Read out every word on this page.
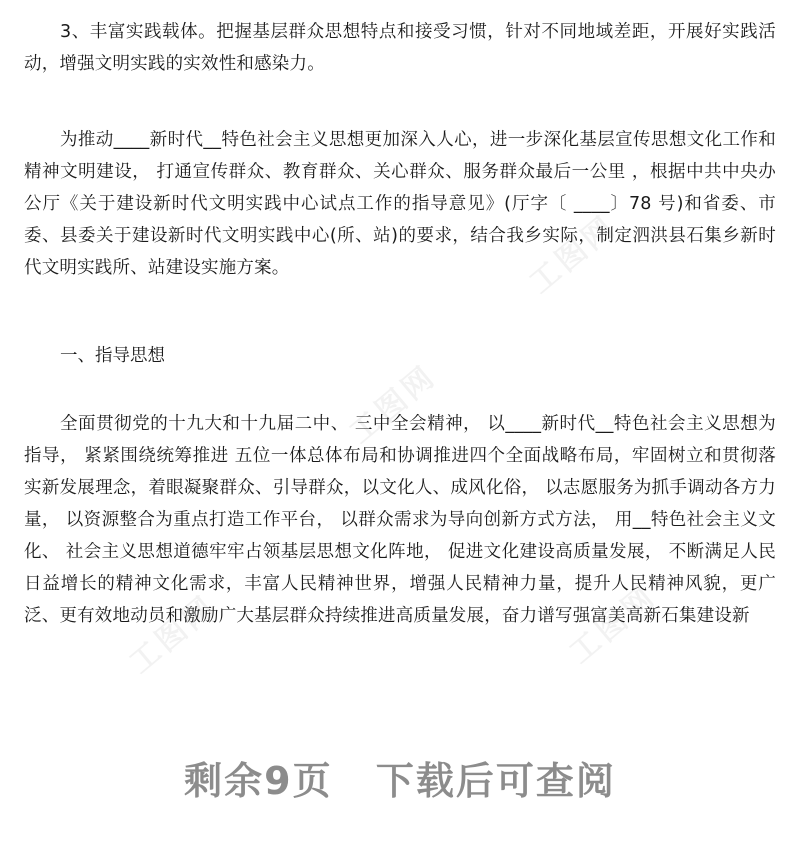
工图网
工图网
工图网	工图网

3、丰富实践载体。把握基层群众思想特点和接受习惯，针对不同地域差距，开展好实践活动，增强文明实践的实效性和感染力。

为推动____新时代__特色社会主义思想更加深入人心，进一步深化基层宣传思想文化工作和精神文明建设， 打通宣传群众、教育群众、关心群众、服务群众最后一公里 ，根据中共中央办公厅《关于建设新时代文明实践中心试点工作的指导意见》(厅字〔 ____〕78 号)和省委、市委、县委关于建设新时代文明实践中心(所、站)的要求，结合我乡实际，制定泗洪县石集乡新时代文明实践所、站建设实施方案。

一、指导思想

全面贯彻党的十九大和十九届二中、 三中全会精神， 以____新时代__特色社会主义思想为指导， 紧紧围绕统筹推进 五位一体总体布局和协调推进四个全面战略布局，牢固树立和贯彻落实新发展理念，着眼凝聚群众、引导群众，以文化人、成风化俗， 以志愿服务为抓手调动各方力量， 以资源整合为重点打造工作平台， 以群众需求为导向创新方式方法， 用__特色社会主义文化、 社会主义思想道德牢牢占领基层思想文化阵地， 促进文化建设高质量发展， 不断满足人民日益增长的精神文化需求，丰富人民精神世界，增强人民精神力量，提升人民精神风貌，更广泛、更有效地动员和激励广大基层群众持续推进高质量发展，奋力谱写强富美高新石集建设新

剩余9页 下载后可查阅
